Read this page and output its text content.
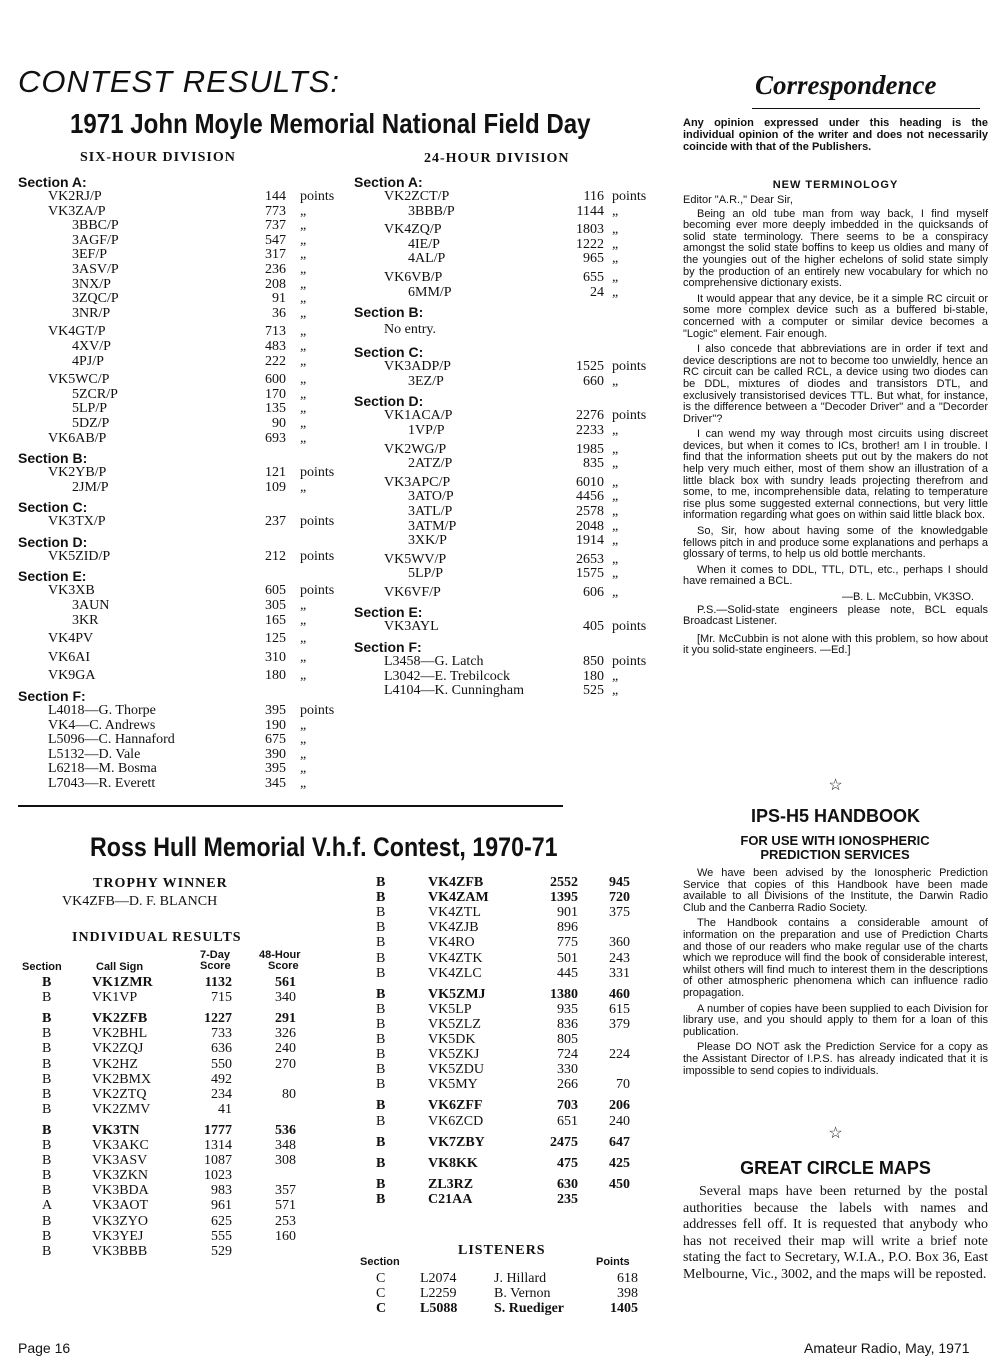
CONTEST RESULTS:
1971 John Moyle Memorial National Field Day
SIX-HOUR DIVISION	24-HOUR DIVISION
Section A:
VK2RJ/P	144 points
VK3ZA/P	773 „
3BBC/P	737 „
3AGF/P	547 „
3EF/P	317 „
3ASV/P	236 „
3NX/P	208 „
3ZQC/P	91 „
3NR/P	36 „
VK4GT/P	713 „
4XV/P	483 „
4PJ/P	222 „
VK5WC/P	600 „
5ZCR/P	170 „
5LP/P	135 „
5DZ/P	90 „
VK6AB/P	693 „
Section B:
VK2YB/P	121 points
2JM/P	109 „
Section C:
VK3TX/P	237 points
Section D:
VK5ZID/P	212 points
Section E:
VK3XB	605 points
3AUN	305 „
3KR	165 „
VK4PV	125 „
VK6AI	310 „
VK9GA	180 „
Section F:
L4018—G. Thorpe	395 points
VK4—C. Andrews	190 „
L5096—C. Hannaford	675 „
L5132—D. Vale	390 „
L6218—M. Bosma	395 „
L7043—R. Everett	345 „
Section A:
VK2ZCT/P	116 points
3BBB/P	1144 „
VK4ZQ/P	1803 „
4IE/P	1222 „
4AL/P	965 „
VK6VB/P	655 „
6MM/P	24 „
Section B:
No entry.
Section C:
VK3ADP/P	1525 points
3EZ/P	660 „
Section D:
VK1ACA/P	2276 points
1VP/P	2233 „
VK2WG/P	1985 „
2ATZ/P	835 „
VK3APC/P	6010 „
3ATO/P	4456 „
3ATL/P	2578 „
3ATM/P	2048 „
3XK/P	1914 „
VK5WV/P	2653 „
5LP/P	1575 „
VK6VF/P	606 „
Section E:
VK3AYL	405 points
Section F:
L3458—G. Latch	850 points
L3042—E. Trebilcock	180 „
L4104—K. Cunningham	525 „
Ross Hull Memorial V.h.f. Contest, 1970-71
TROPHY WINNER
VK4ZFB—D. F. BLANCH
INDIVIDUAL RESULTS
Section	Call Sign
7-Day
Score
48-Hour
Score
B	VK1ZMR	1132	561
B	VK1VP	715	340
B	VK2ZFB	1227	291
B	VK2BHL	733	326
B	VK2ZQJ	636	240
B	VK2HZ	550	270
B	VK2BMX	492
B	VK2ZTQ	234	80
B	VK2ZMV	41
B	VK3TN	1777	536
B	VK3AKC	1314	348
B	VK3ASV	1087	308
B	VK3ZKN	1023
B	VK3BDA	983	357
A	VK3AOT	961	571
B	VK3ZYO	625	253
B	VK3YEJ	555	160
B	VK3BBB	529
B	VK4ZFB	2552	945
B	VK4ZAM	1395	720
B	VK4ZTL	901	375
B	VK4ZJB	896
B	VK4RO	775	360
B	VK4ZTK	501	243
B	VK4ZLC	445	331
B	VK5ZMJ	1380	460
B	VK5LP	935	615
B	VK5ZLZ	836	379
B	VK5DK	805
B	VK5ZKJ	724	224
B	VK5ZDU	330
B	VK5MY	266	70
B	VK6ZFF	703	206
B	VK6ZCD	651	240
B	VK7ZBY	2475	647
B	VK8KK	475	425
B	ZL3RZ	630	450
B	C21AA	235
LISTENERS
Section	Points
C L2074	J. Hillard	618
C L2259	B. Vernon	398
C L5088	S. Ruediger	1405
Correspondence
Any opinion expressed under this heading is the individual opinion of the writer and does not necessarily coincide with that of the Publishers.
NEW TERMINOLOGY
Editor "A.R.," Dear Sir,

Being an old tube man from way back, I find myself becoming ever more deeply imbedded in the quicksands of solid state terminology. There seems to be a conspiracy amongst the solid state boffins to keep us oldies and many of the youngies out of the higher echelons of solid state simply by the production of an entirely new vocabulary for which no comprehensive dictionary exists.

It would appear that any device, be it a simple RC circuit or some more complex device such as a buffered bi-stable, concerned with a computer or similar device becomes a "Logic" element. Fair enough.

I also concede that abbreviations are in order if text and device descriptions are not to become too unwieldly, hence an RC circuit can be called RCL, a device using two diodes can be DDL, mixtures of diodes and transistors DTL, and exclusively transistorised devices TTL. But what, for instance, is the difference between a "Decoder Driver" and a "Decorder Driver"?

I can wend my way through most circuits using discreet devices, but when it comes to ICs, brother! am I in trouble. I find that the information sheets put out by the makers do not help very much either, most of them show an illustration of a little black box with sundry leads projecting therefrom and some, to me, incomprehensible data, relating to temperature rise plus some suggested external connections, but very little information regarding what goes on within said little black box.

So, Sir, how about having some of the knowledgable fellows pitch in and produce some explanations and perhaps a glossary of terms, to help us old bottle merchants.

When it comes to DDL, TTL, DTL, etc., perhaps I should have remained a BCL.

—B. L. McCubbin, VK3SO.

P.S.—Solid-state engineers please note, BCL equals Broadcast Listener.

[Mr. McCubbin is not alone with this problem, so how about it you solid-state engineers. —Ed.]

☆
IPS-H5 HANDBOOK
FOR USE WITH IONOSPHERIC PREDICTION SERVICES

We have been advised by the Ionospheric Prediction Service that copies of this Handbook have been made available to all Divisions of the Institute, the Darwin Radio Club and the Canberra Radio Society.

The Handbook contains a considerable amount of information on the preparation and use of Prediction Charts and those of our readers who make regular use of the charts which we reproduce will find the book of considerable interest, whilst others will find much to interest them in the descriptions of other atmospheric phenomena which can influence radio propagation.

A number of copies have been supplied to each Division for library use, and you should apply to them for a loan of this publication.

Please DO NOT ask the Prediction Service for a copy as the Assistant Director of I.P.S. has already indicated that it is impossible to send copies to individuals.

☆
GREAT CIRCLE MAPS

Several maps have been returned by the postal authorities because the labels with names and addresses fell off. It is requested that anybody who has not received their map will write a brief note stating the fact to Secretary, W.I.A., P.O. Box 36, East Melbourne, Vic., 3002, and the maps will be reposted.

Page 16	Amateur Radio, May, 1971
